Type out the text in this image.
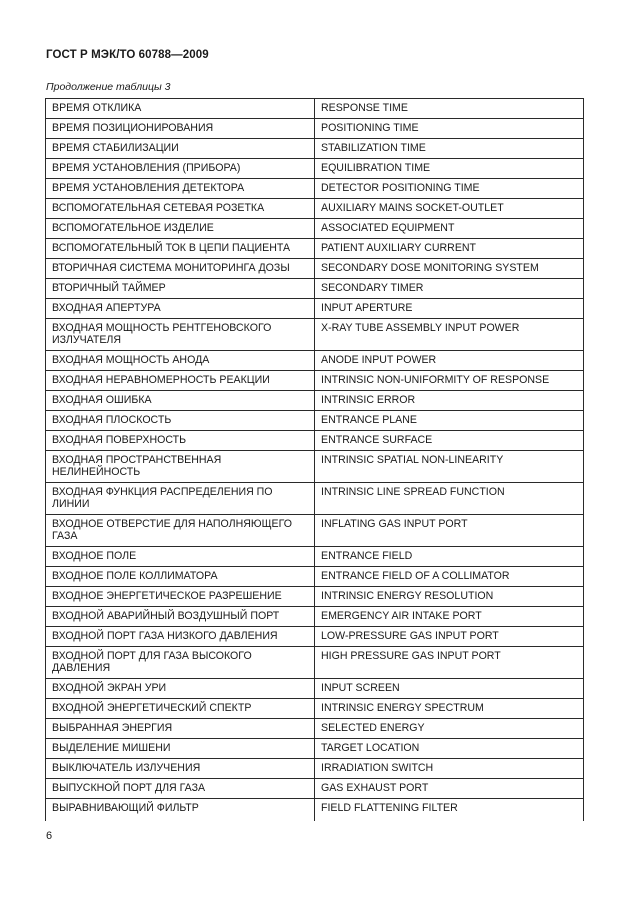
ГОСТ Р МЭК/ТО 60788—2009
Продолжение таблицы 3
ВРЕМЯ ОТКЛИКА	RESPONSE TIME
ВРЕМЯ ПОЗИЦИОНИРОВАНИЯ	POSITIONING TIME
ВРЕМЯ СТАБИЛИЗАЦИИ	STABILIZATION TIME
ВРЕМЯ УСТАНОВЛЕНИЯ (ПРИБОРА)	EQUILIBRATION TIME
ВРЕМЯ УСТАНОВЛЕНИЯ ДЕТЕКТОРА	DETECTOR POSITIONING TIME
ВСПОМОГАТЕЛЬНАЯ СЕТЕВАЯ РОЗЕТКА	AUXILIARY MAINS SOCKET-OUTLET
ВСПОМОГАТЕЛЬНОЕ ИЗДЕЛИЕ	ASSOCIATED EQUIPMENT
ВСПОМОГАТЕЛЬНЫЙ ТОК В ЦЕПИ ПАЦИЕНТА	PATIENT AUXILIARY CURRENT
ВТОРИЧНАЯ СИСТЕМА МОНИТОРИНГА ДОЗЫ	SECONDARY DOSE MONITORING SYSTEM
ВТОРИЧНЫЙ ТАЙМЕР	SECONDARY TIMER
ВХОДНАЯ АПЕРТУРА	INPUT APERTURE
ВХОДНАЯ МОЩНОСТЬ РЕНТГЕНОВСКОГО ИЗЛУЧАТЕЛЯ	X-RAY TUBE ASSEMBLY INPUT POWER
ВХОДНАЯ МОЩНОСТЬ АНОДА	ANODE INPUT POWER
ВХОДНАЯ НЕРАВНОМЕРНОСТЬ РЕАКЦИИ	INTRINSIC NON-UNIFORMITY OF RESPONSE
ВХОДНАЯ ОШИБКА	INTRINSIC ERROR
ВХОДНАЯ ПЛОСКОСТЬ	ENTRANCE PLANE
ВХОДНАЯ ПОВЕРХНОСТЬ	ENTRANCE SURFACE
ВХОДНАЯ ПРОСТРАНСТВЕННАЯ НЕЛИНЕЙНОСТЬ	INTRINSIC SPATIAL NON-LINEARITY
ВХОДНАЯ ФУНКЦИЯ РАСПРЕДЕЛЕНИЯ ПО ЛИНИИ	INTRINSIC LINE SPREAD FUNCTION
ВХОДНОЕ ОТВЕРСТИЕ ДЛЯ НАПОЛНЯЮЩЕГО ГАЗА	INFLATING GAS INPUT PORT
ВХОДНОЕ ПОЛЕ	ENTRANCE FIELD
ВХОДНОЕ ПОЛЕ КОЛЛИМАТОРА	ENTRANCE FIELD OF A COLLIMATOR
ВХОДНОЕ ЭНЕРГЕТИЧЕСКОЕ РАЗРЕШЕНИЕ	INTRINSIC ENERGY RESOLUTION
ВХОДНОЙ АВАРИЙНЫЙ ВОЗДУШНЫЙ ПОРТ	EMERGENCY AIR INTAKE PORT
ВХОДНОЙ ПОРТ ГАЗА НИЗКОГО ДАВЛЕНИЯ	LOW-PRESSURE GAS INPUT PORT
ВХОДНОЙ ПОРТ ДЛЯ ГАЗА ВЫСОКОГО ДАВЛЕНИЯ	HIGH PRESSURE GAS INPUT PORT
ВХОДНОЙ ЭКРАН УРИ	INPUT SCREEN
ВХОДНОЙ ЭНЕРГЕТИЧЕСКИЙ СПЕКТР	INTRINSIC ENERGY SPECTRUM
ВЫБРАННАЯ ЭНЕРГИЯ	SELECTED ENERGY
ВЫДЕЛЕНИЕ МИШЕНИ	TARGET LOCATION
ВЫКЛЮЧАТЕЛЬ ИЗЛУЧЕНИЯ	IRRADIATION SWITCH
ВЫПУСКНОЙ ПОРТ ДЛЯ ГАЗА	GAS EXHAUST PORT
ВЫРАВНИВАЮЩИЙ ФИЛЬТР	FIELD FLATTENING FILTER
6
